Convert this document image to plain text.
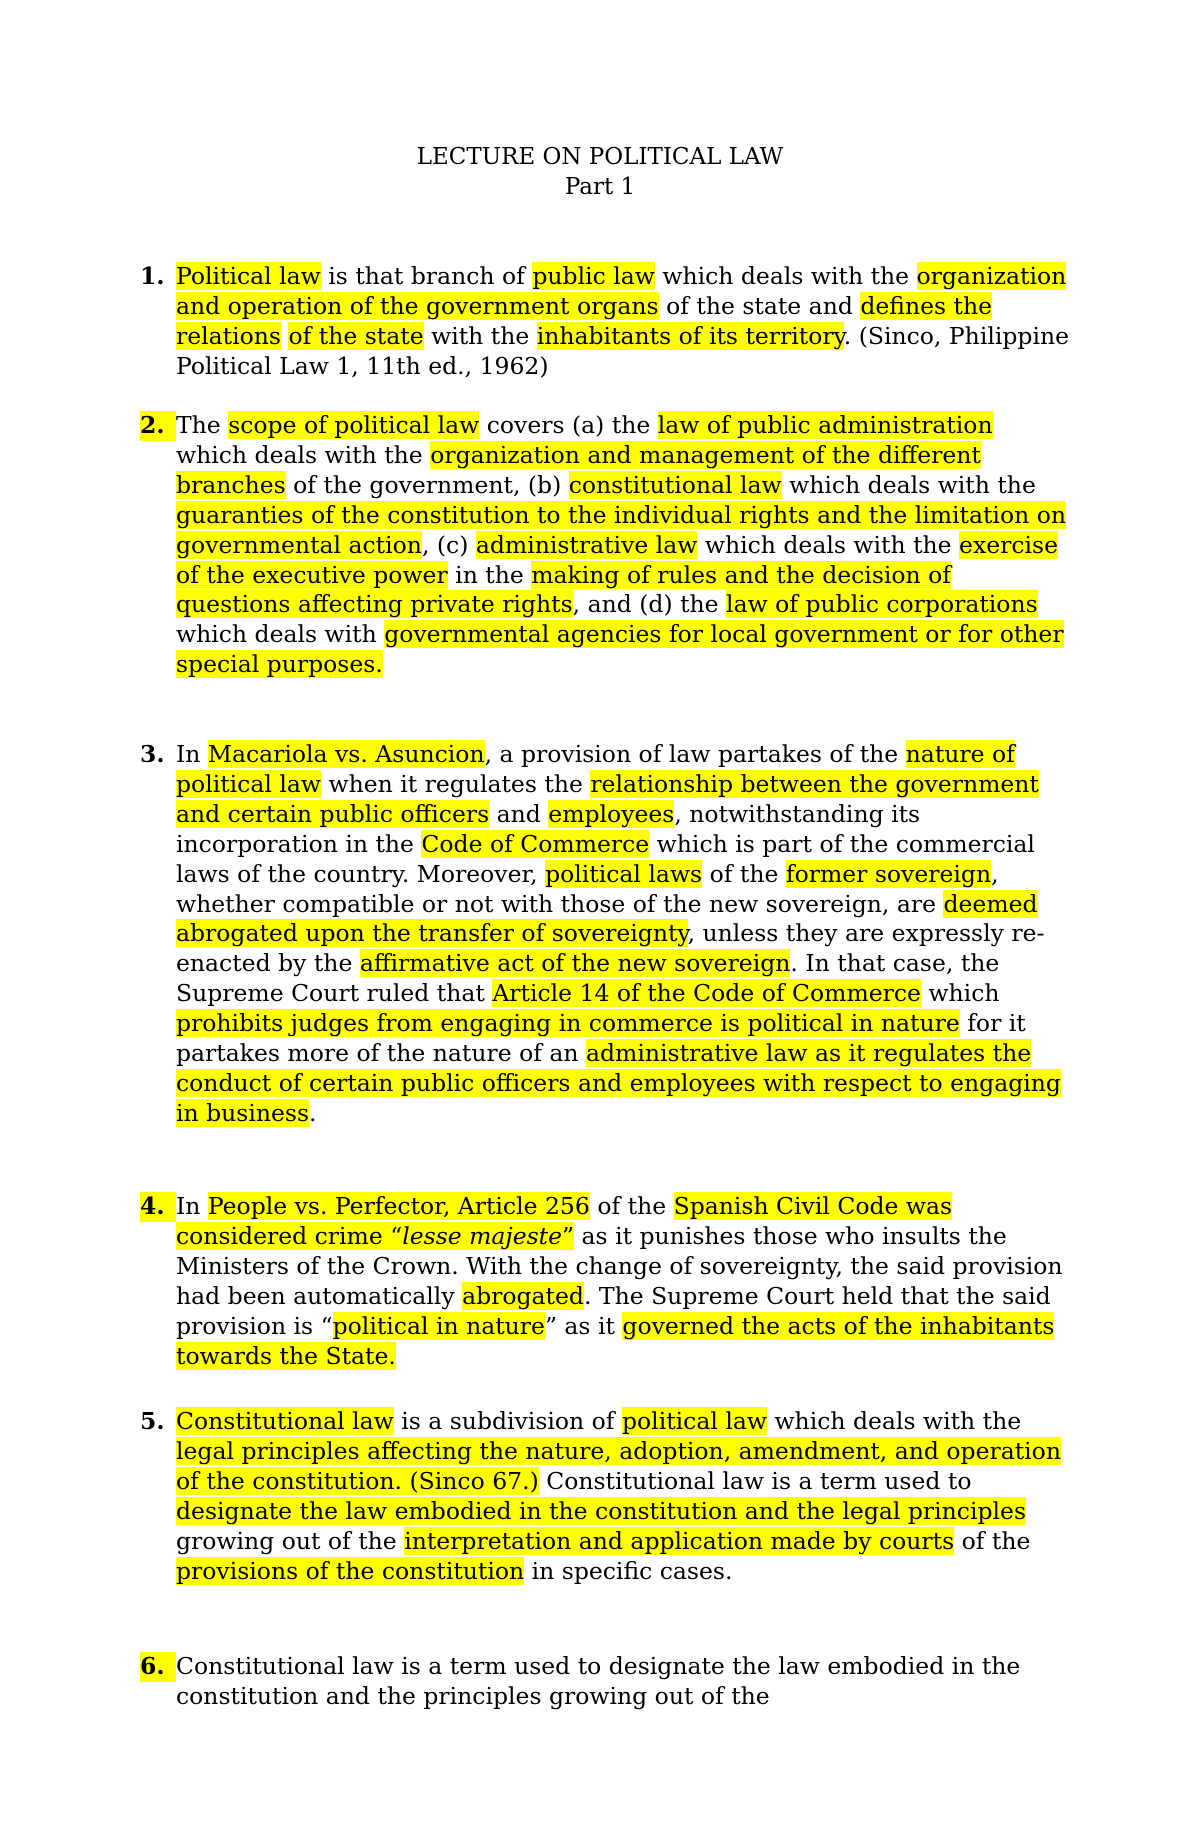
LECTURE ON POLITICAL LAW
Part 1
1. Political law is that branch of public law which deals with the organization and operation of the government organs of the state and defines the relations of the state with the inhabitants of its territory. (Sinco, Philippine Political Law 1, 11th ed., 1962)
2. The scope of political law covers (a) the law of public administration which deals with the organization and management of the different branches of the government, (b) constitutional law which deals with the guaranties of the constitution to the individual rights and the limitation on governmental action, (c) administrative law which deals with the exercise of the executive power in the making of rules and the decision of questions affecting private rights, and (d) the law of public corporations which deals with governmental agencies for local government or for other special purposes.
3. In Macariola vs. Asuncion, a provision of law partakes of the nature of political law when it regulates the relationship between the government and certain public officers and employees, notwithstanding its incorporation in the Code of Commerce which is part of the commercial laws of the country. Moreover, political laws of the former sovereign, whether compatible or not with those of the new sovereign, are deemed abrogated upon the transfer of sovereignty, unless they are expressly re-enacted by the affirmative act of the new sovereign. In that case, the Supreme Court ruled that Article 14 of the Code of Commerce which prohibits judges from engaging in commerce is political in nature for it partakes more of the nature of an administrative law as it regulates the conduct of certain public officers and employees with respect to engaging in business.
4. In People vs. Perfector, Article 256 of the Spanish Civil Code was considered crime “lesse majeste” as it punishes those who insults the Ministers of the Crown. With the change of sovereignty, the said provision had been automatically abrogated. The Supreme Court held that the said provision is “political in nature” as it governed the acts of the inhabitants towards the State.
5. Constitutional law is a subdivision of political law which deals with the legal principles affecting the nature, adoption, amendment, and operation of the constitution. (Sinco 67.) Constitutional law is a term used to designate the law embodied in the constitution and the legal principles growing out of the interpretation and application made by courts of the provisions of the constitution in specific cases.
6. Constitutional law is a term used to designate the law embodied in the constitution and the principles growing out of the
